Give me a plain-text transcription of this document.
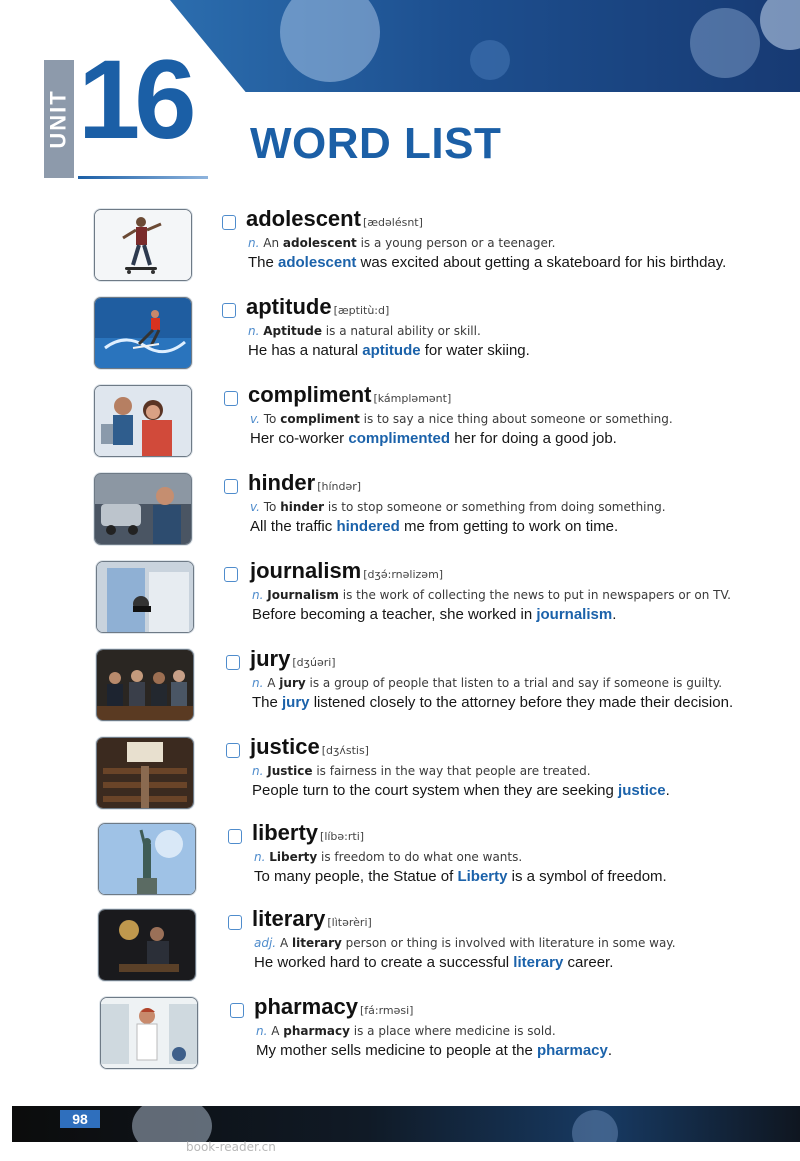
UNIT 16 WORD LIST
adolescent [ædəlésnt]
n. An adolescent is a young person or a teenager.
The adolescent was excited about getting a skateboard for his birthday.
aptitude [æptitù:d]
n. Aptitude is a natural ability or skill.
He has a natural aptitude for water skiing.
compliment [kámpləmənt]
v. To compliment is to say a nice thing about someone or something.
Her co-worker complimented her for doing a good job.
hinder [híndər]
v. To hinder is to stop someone or something from doing something.
All the traffic hindered me from getting to work on time.
journalism [dʒə́:rnəlizəm]
n. Journalism is the work of collecting the news to put in newspapers or on TV.
Before becoming a teacher, she worked in journalism.
jury [dʒúəri]
n. A jury is a group of people that listen to a trial and say if someone is guilty.
The jury listened closely to the attorney before they made their decision.
justice [dʒʌ́stis]
n. Justice is fairness in the way that people are treated.
People turn to the court system when they are seeking justice.
liberty [líbə:rti]
n. Liberty is freedom to do what one wants.
To many people, the Statue of Liberty is a symbol of freedom.
literary [lìtərèri]
adj. A literary person or thing is involved with literature in some way.
He worked hard to create a successful literary career.
pharmacy [fá:rməsi]
n. A pharmacy is a place where medicine is sold.
My mother sells medicine to people at the pharmacy.
98
book-reader.cn
